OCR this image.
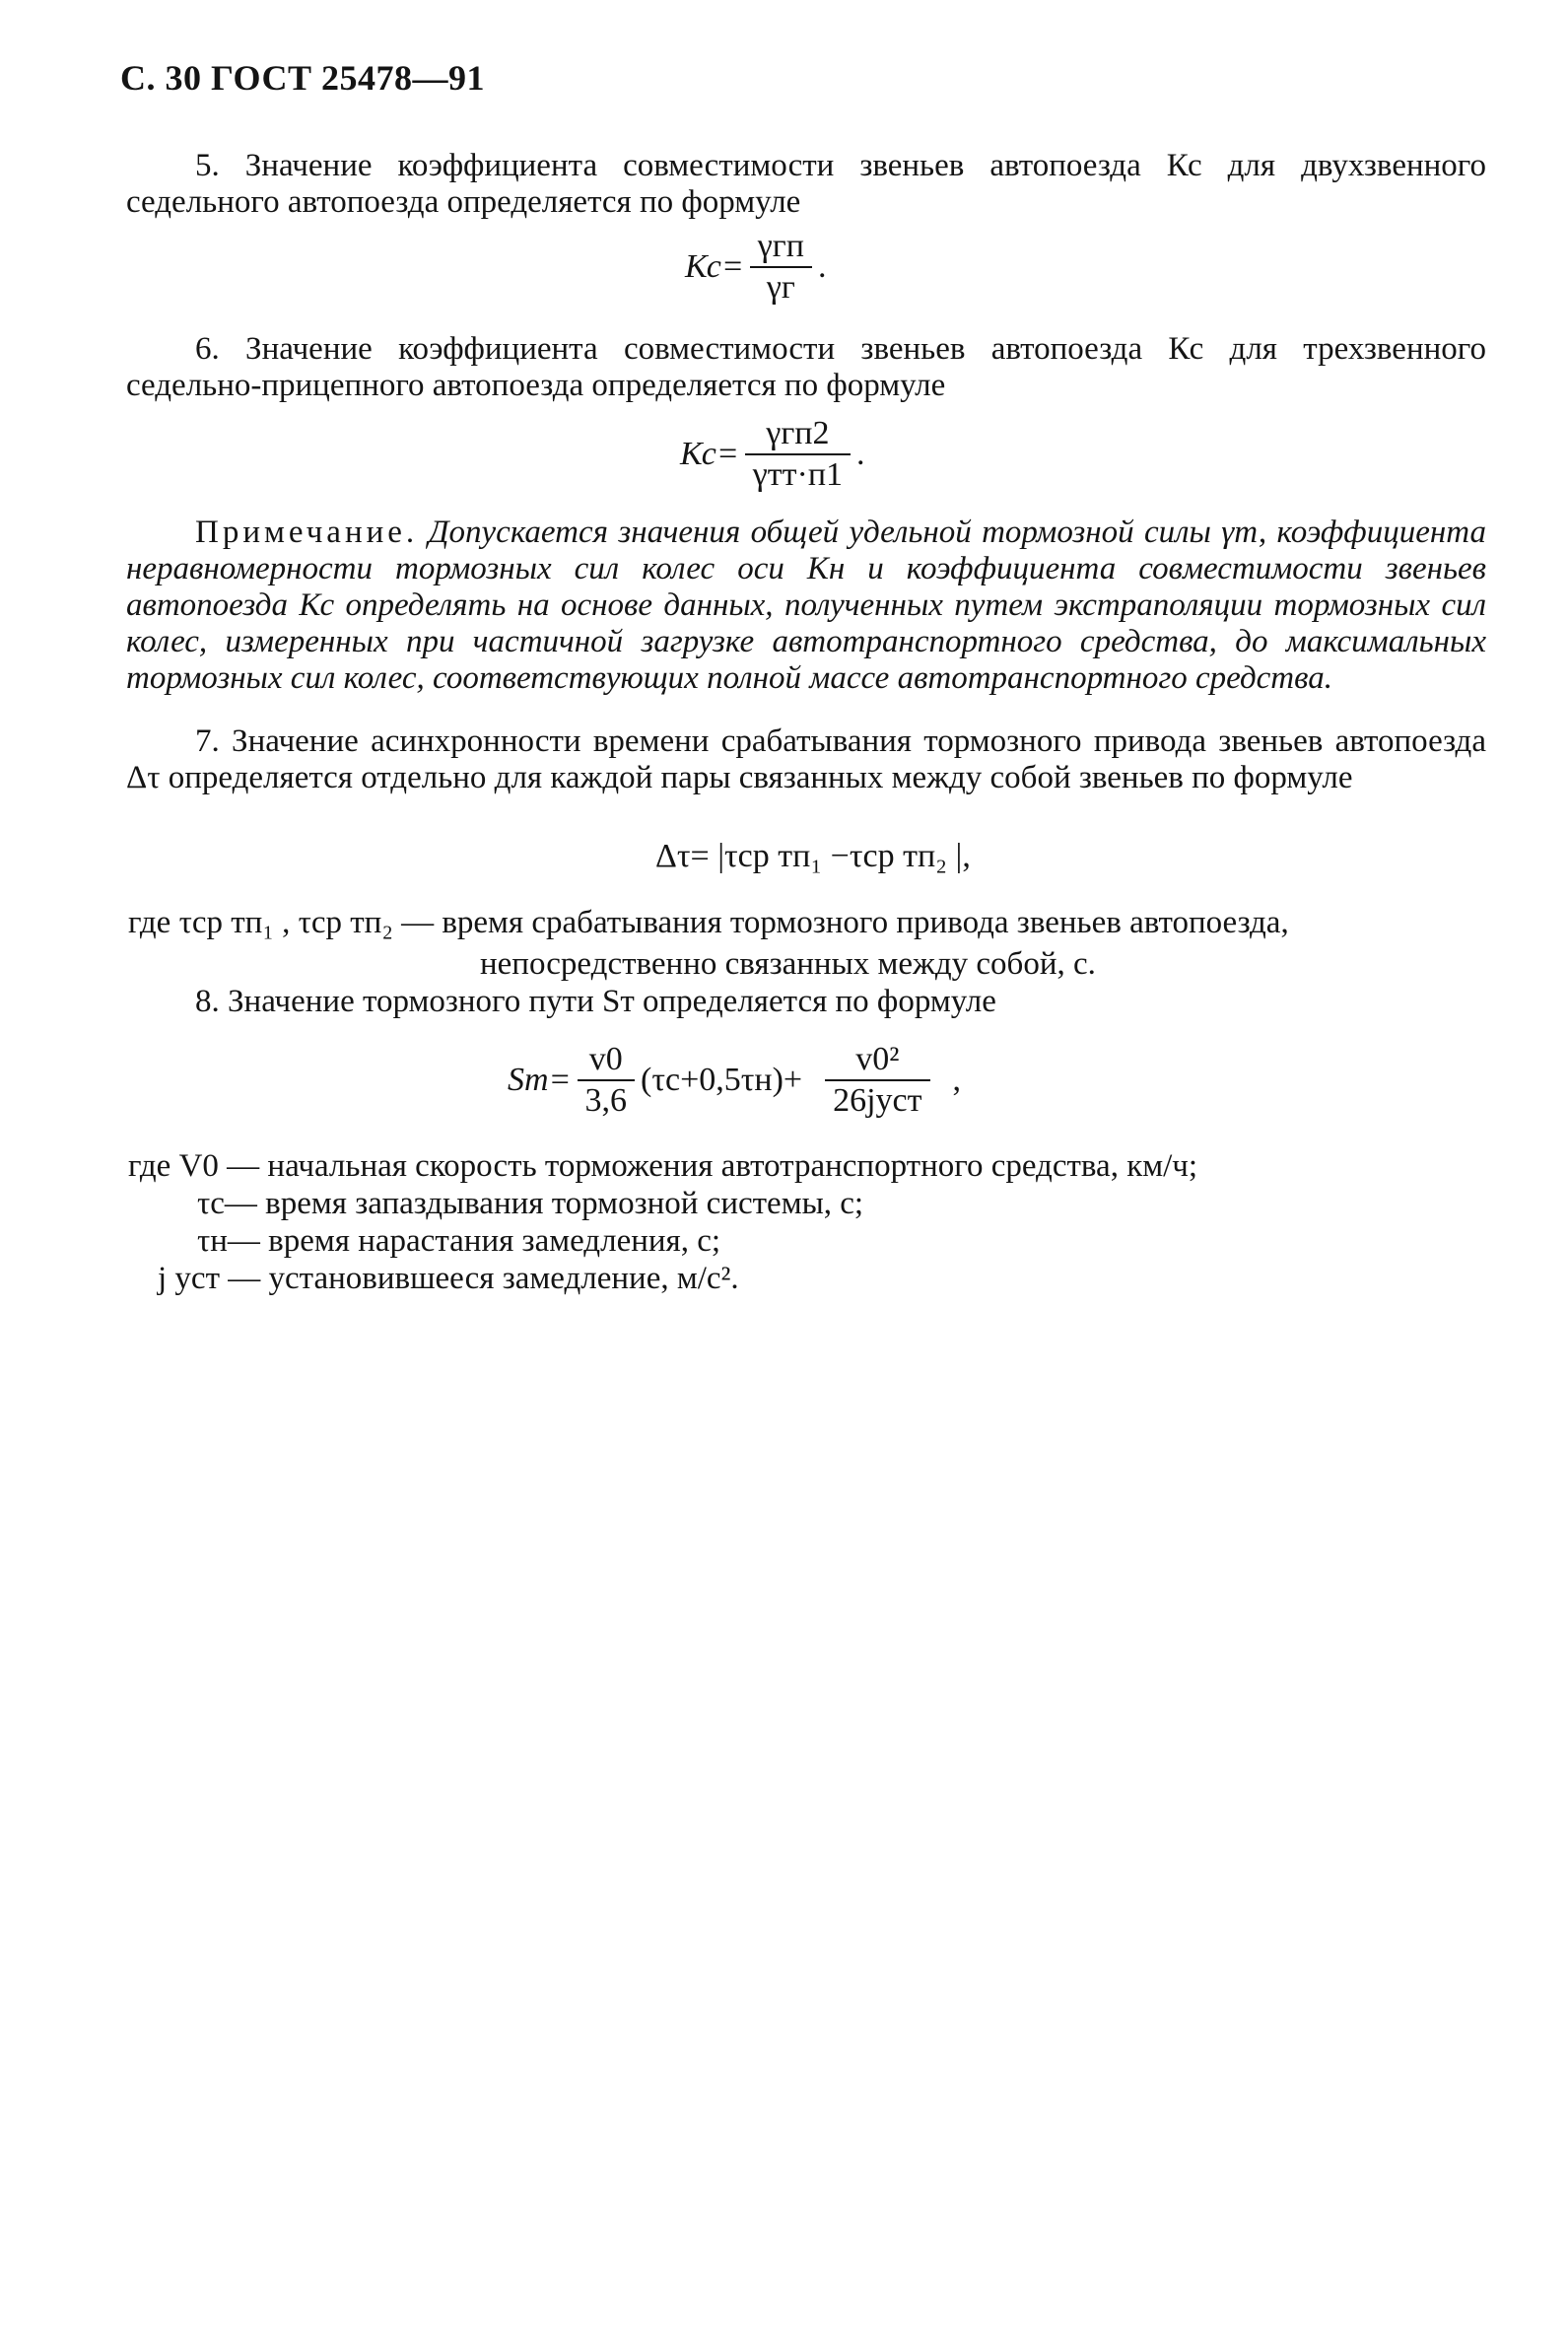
С. 30 ГОСТ 25478—91

5. Значение коэффициента совместимости звеньев автопоезда Кс для двухзвенного седельного автопоезда определяется по формуле

$Кс= \frac{\text{γгп}}{\gamma г}$ .

6. Значение коэффициента совместимости звеньев автопоезда Кс для трехзвенного седельно-прицепного автопоезда определяется по формуле

$Кс= \frac{\text{γгп2}}{\text{γтт·п1}}$ .

Примечание. Допускается значения общей удельной тормозной силы γт, коэффициента неравномерности тормозных сил колес оси Кн и коэффициента совместимости звеньев автопоезда Кс определять на основе данных, полученных путем экстраполяции тормозных сил колес, измеренных при частичной загрузке автотранспортного средства, до максимальных тормозных сил колес, соответствующих полной массе автотранспортного средства.

7. Значение асинхронности времени срабатывания тормозного привода звеньев автопоезда Δτ определяется отдельно для каждой пары связанных между собой звеньев по формуле

Δτ= |τср тп₁ −τср тп₂ |,
где τср тп₁ , τср тп₂ — время срабатывания тормозного привода звеньев автопоезда,
непосредственно связанных между собой, с.

8. Значение тормозного пути Sт определяется по формуле

$Sт= \frac{v0}{3,6} (\tau с+0,5\tau н)+ \frac{\text{v0²}}{\text{26jуст}}$ ,
где V0 — начальная скорость торможения автотранспортного средства, км/ч;
τс— время запаздывания тормозной системы, с;
τн— время нарастания замедления, с;
j уст — установившееся замедление, м/с².
